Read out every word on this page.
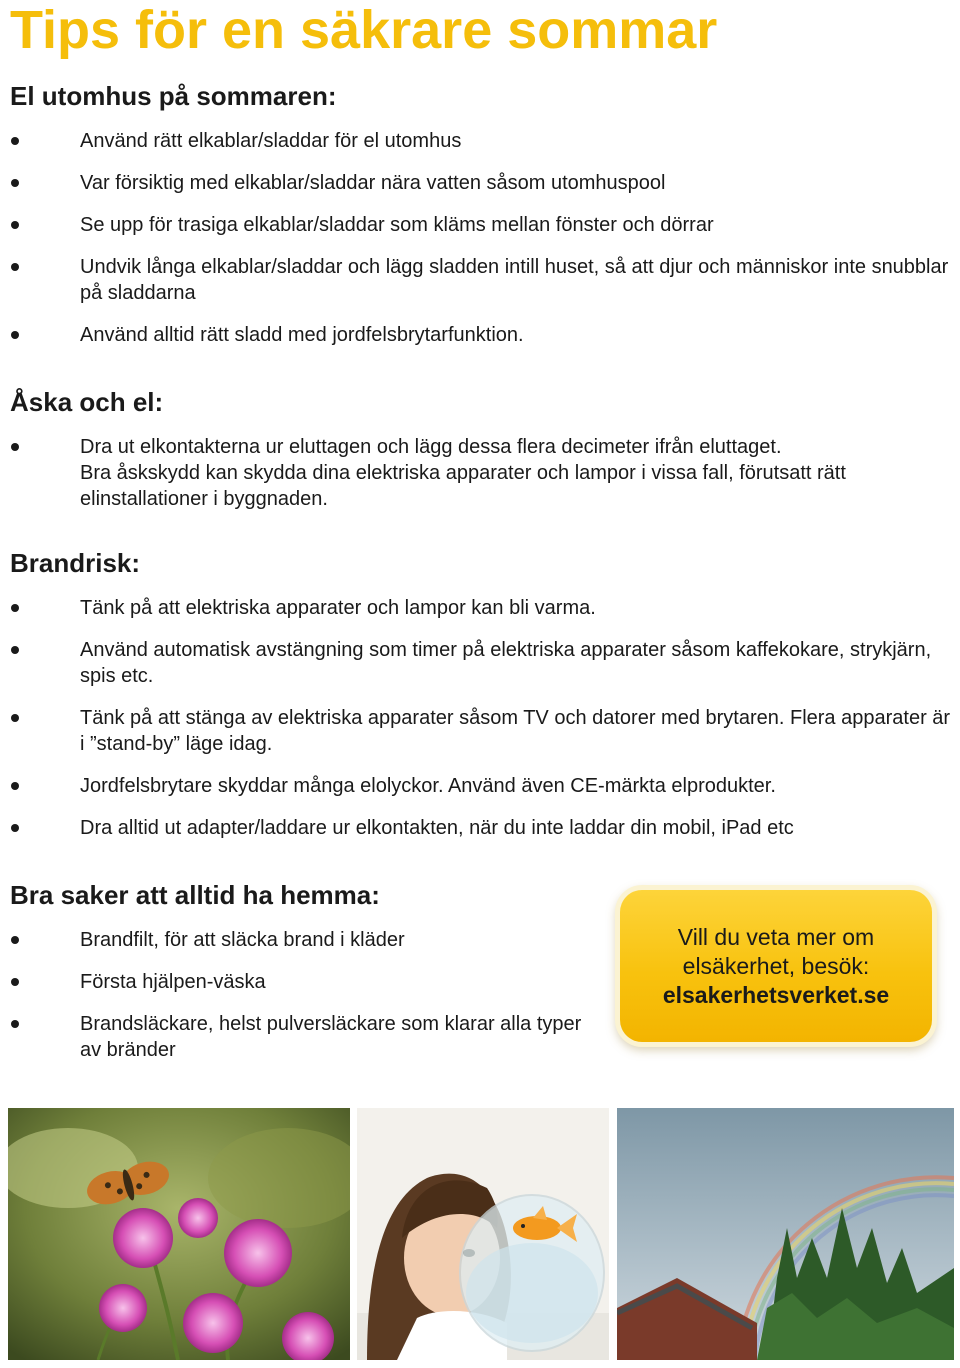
Tips för en säkrare sommar
El utomhus på sommaren:
Använd rätt elkablar/sladdar för el utomhus
Var försiktig med elkablar/sladdar nära vatten såsom utomhuspool
Se upp för trasiga elkablar/sladdar som kläms mellan fönster och dörrar
Undvik långa elkablar/sladdar och lägg sladden intill huset, så att djur och människor inte snubblar på sladdarna
Använd alltid rätt sladd med jordfelsbrytarfunktion.
Åska och el:
Dra ut elkontakterna ur eluttagen och lägg dessa flera decimeter ifrån eluttaget.
Bra åskskydd kan skydda dina elektriska apparater och lampor i vissa fall, förutsatt rätt elinstallationer i byggnaden.
Brandrisk:
Tänk på att elektriska apparater och lampor kan bli varma.
Använd automatisk avstängning som timer på elektriska apparater såsom kaffekokare, strykjärn, spis etc.
Tänk på att stänga av elektriska apparater såsom TV och datorer med brytaren. Flera apparater är i ”stand-by” läge idag.
Jordfelsbrytare skyddar många elolyckor. Använd även CE-märkta elprodukter.
Dra alltid ut adapter/laddare ur elkontakten, när du inte laddar din mobil, iPad etc
Bra saker att alltid ha hemma:
Brandfilt, för att släcka brand i kläder
Första hjälpen-väska
Brandsläckare, helst pulversläckare som klarar alla typer av bränder
Vill du veta mer om
elsäkerhet, besök:
elsakerhetsverket.se
